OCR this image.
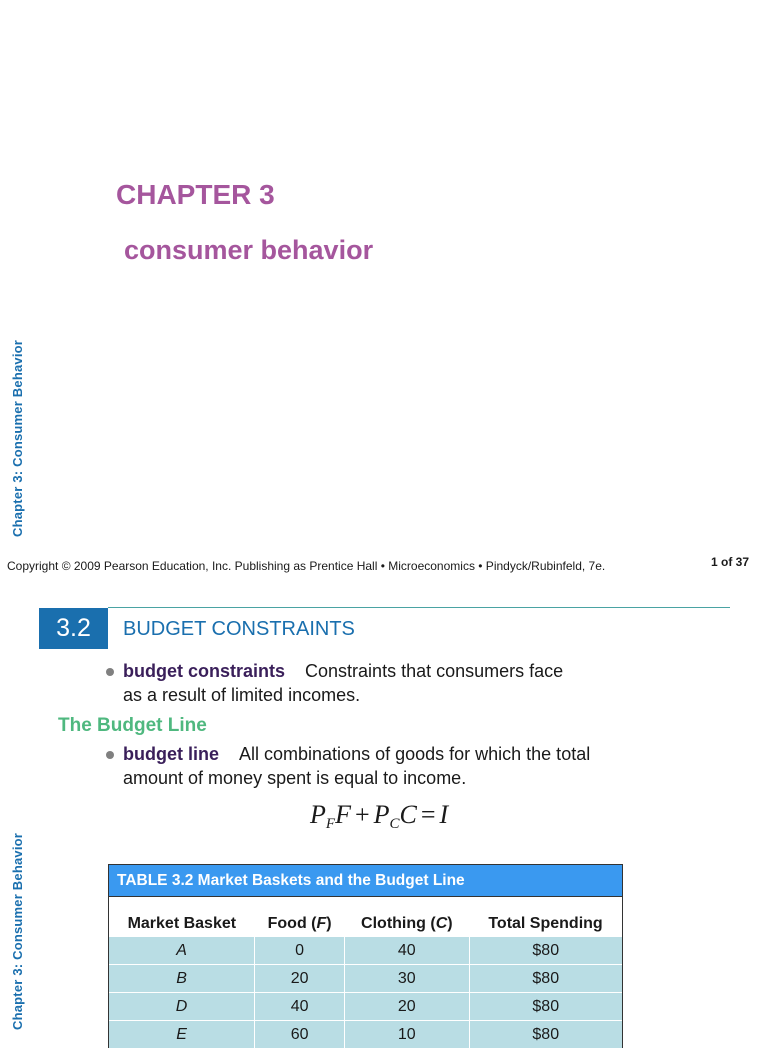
CHAPTER 3
consumer behavior
Chapter 3: Consumer Behavior
Copyright © 2009 Pearson Education, Inc. Publishing as Prentice Hall • Microeconomics • Pindyck/Rubinfeld, 7e.	1 of 37
3.2	BUDGET CONSTRAINTS
budget constraints Constraints that consumers face
as a result of limited incomes.
The Budget Line
budget line All combinations of goods for which the total
amount of money spent is equal to income.
$P_FF + P_CC = I$
TABLE 3.2 Market Baskets and the Budget Line
Market Basket	Food (F)	Clothing (C)	Total Spending
A	0	40	$80
B	20	30	$80
D	40	20	$80
E	60	10	$80
Chapter 3: Consumer Behavior
